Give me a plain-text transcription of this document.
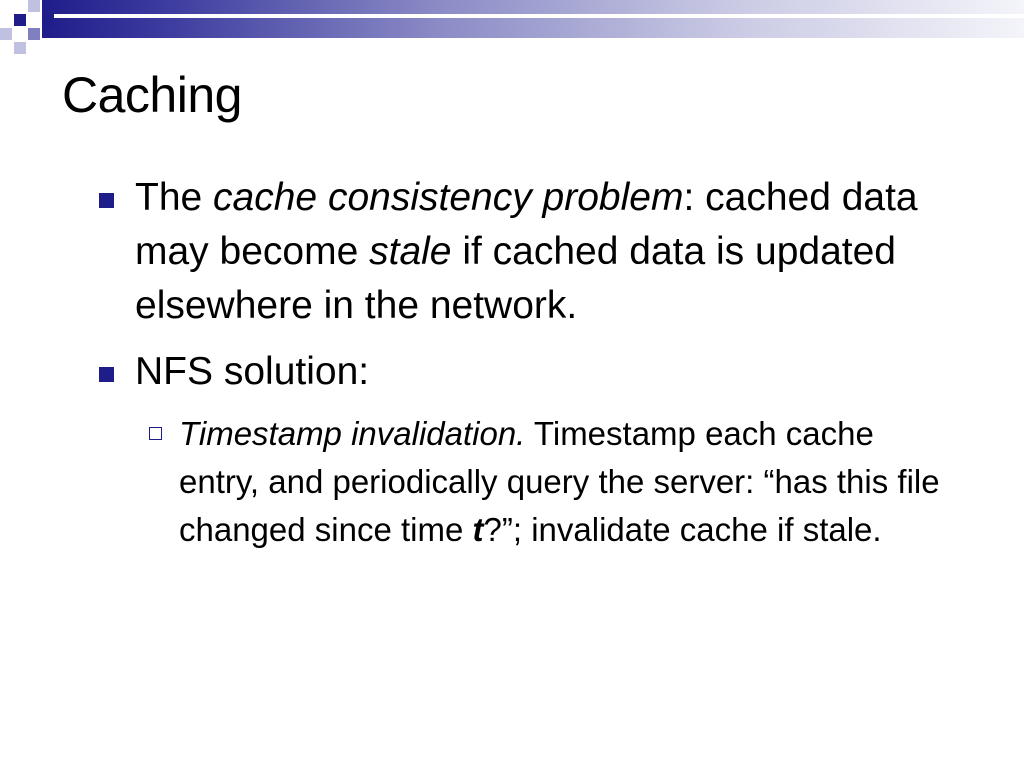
Caching
The cache consistency problem: cached data may become stale if cached data is updated elsewhere in the network.
NFS solution:
Timestamp invalidation. Timestamp each cache entry, and periodically query the server: “has this file changed since time t?”; invalidate cache if stale.
